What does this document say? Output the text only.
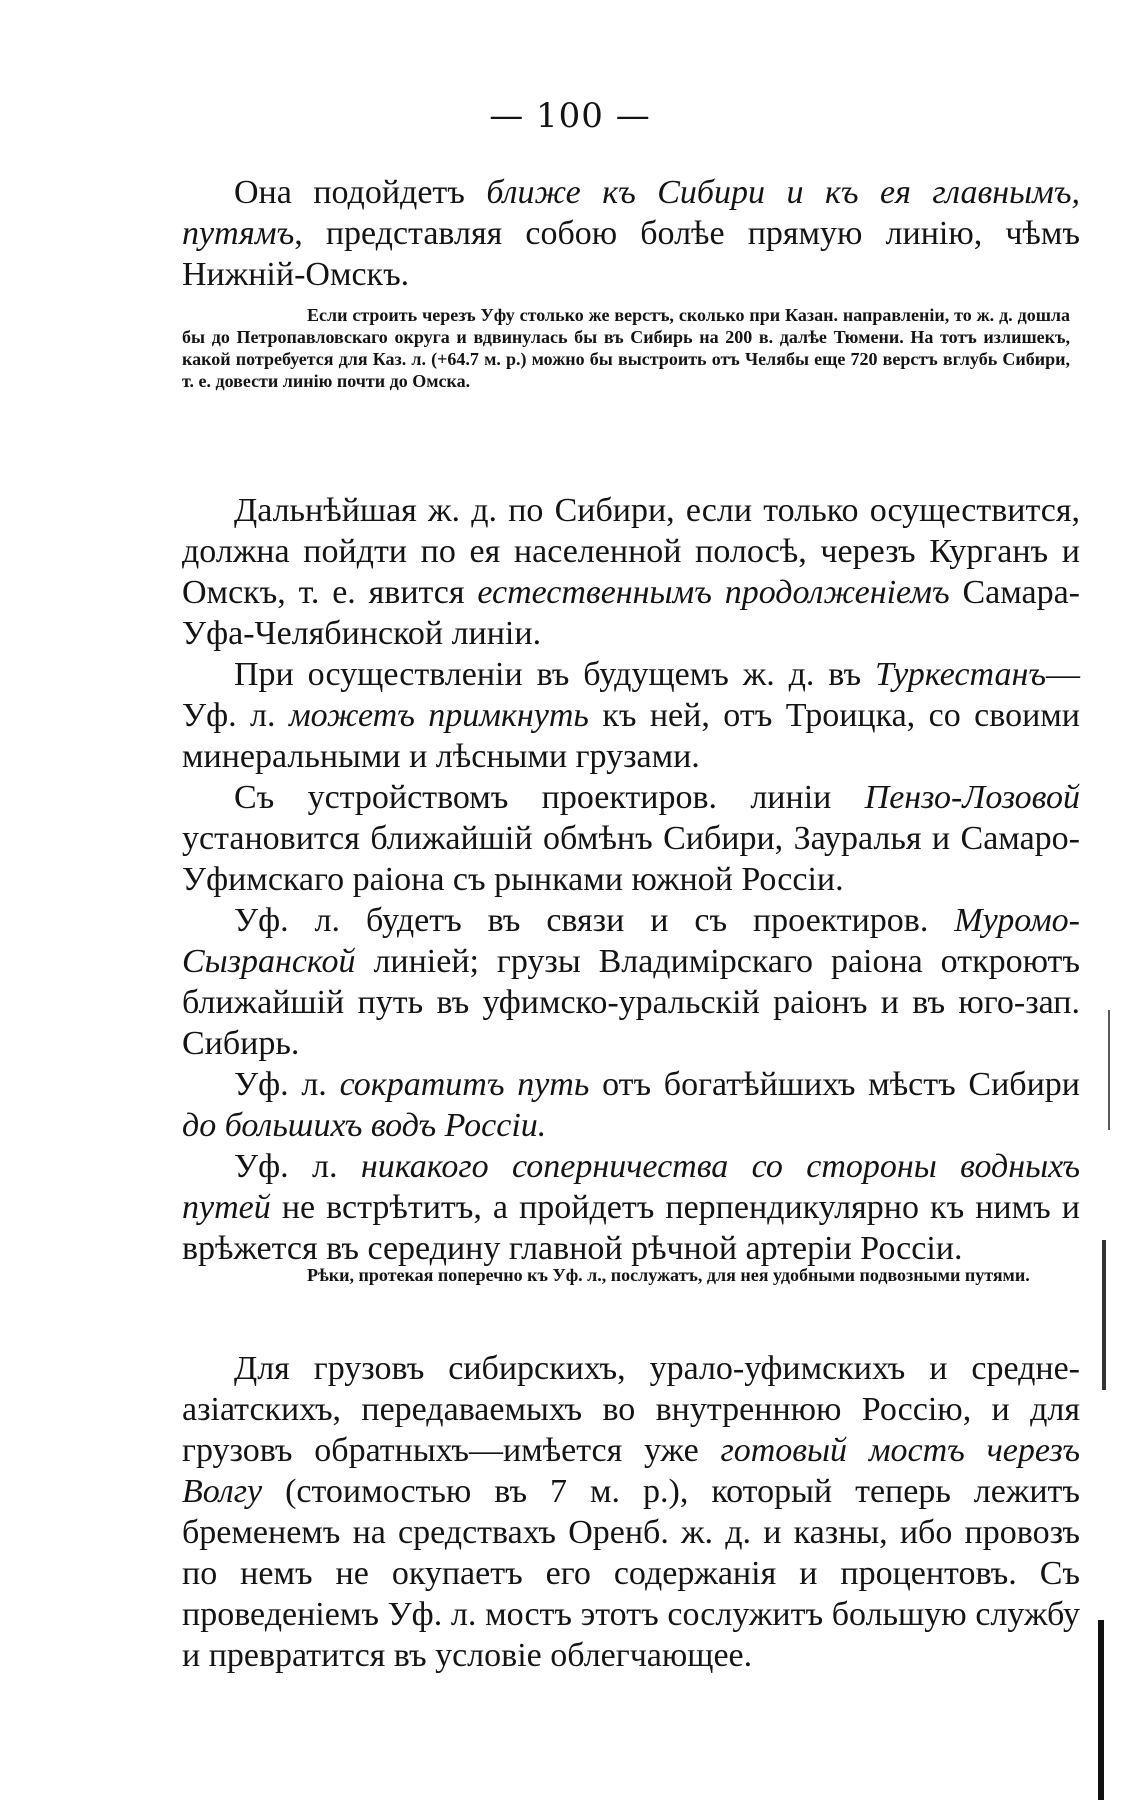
— 100 —

Она подойдетъ ближе къ Сибири и къ ея главнымъ, путямъ, представляя собою болѣе прямую линію, чѣмъ Нижній-Омскъ.

Если строить черезъ Уфу столько же верстъ, сколько при Казан. направленіи, то ж. д. дошла бы до Петропавловскаго округа и вдвинулась бы въ Сибирь на 200 в. далѣе Тюмени. На тотъ излишекъ, какой потребуется для Каз. л. (+64.7 м. р.) можно бы выстроить отъ Челябы еще 720 верстъ вглубь Сибири, т. е. довести линію почти до Омска.

Дальнѣйшая ж. д. по Сибири, если только осуществится, должна пойдти по ея населенной полосѣ, черезъ Курганъ и Омскъ, т. е. явится естественнымъ продолженіемъ Самара-Уфа-Челябинской линіи.

При осуществленіи въ будущемъ ж. д. въ Туркестанъ—Уф. л. можетъ примкнуть къ ней, отъ Троицка, со своими минеральными и лѣсными грузами.

Съ устройствомъ проектиров. линіи Пензо-Лозовой установится ближайшій обмѣнъ Сибири, Зауралья и Самаро-Уфимскаго раіона съ рынками южной Россіи.

Уф. л. будетъ въ связи и съ проектиров. Муромо-Сызранской линіей; грузы Владимірскаго раіона откроютъ ближайшій путь въ уфимско-уральскій раіонъ и въ юго-зап. Сибирь.

Уф. л. сократитъ путь отъ богатѣйшихъ мѣстъ Сибири до большихъ водъ Россіи.

Уф. л. никакого соперничества со стороны водныхъ путей не встрѣтитъ, а пройдетъ перпендикулярно къ нимъ и врѣжется въ середину главной рѣчной артеріи Россіи.

Рѣки, протекая поперечно къ Уф. л., послужатъ, для нея удобными подвозными путями.

Для грузовъ сибирскихъ, урало-уфимскихъ и средне-азіатскихъ, передаваемыхъ во внутреннюю Россію, и для грузовъ обратныхъ—имѣется уже готовый мостъ черезъ Волгу (стоимостью въ 7 м. р.), который теперь лежитъ бременемъ на средствахъ Оренб. ж. д. и казны, ибо провозъ по немъ не окупаетъ его содержанія и процентовъ. Съ проведеніемъ Уф. л. мостъ этотъ сослужитъ большую службу и превратится въ условіе облегчающее.
